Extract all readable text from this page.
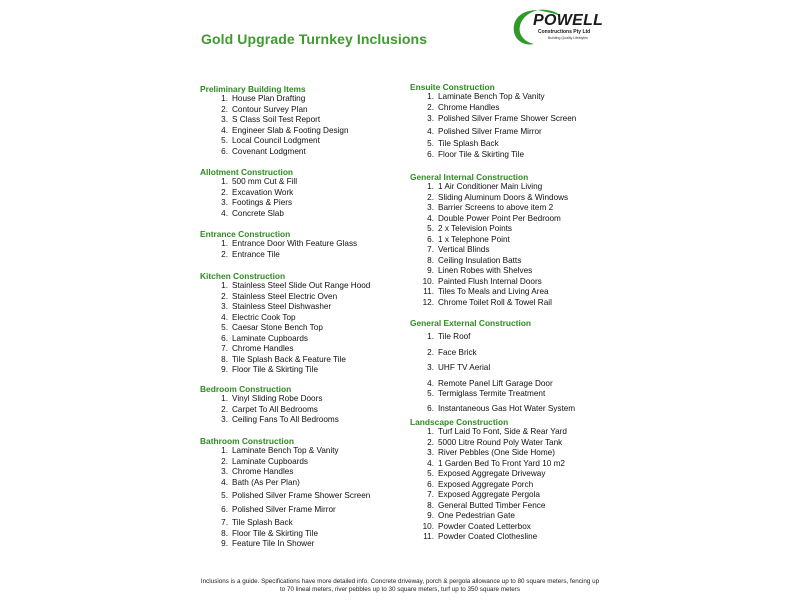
Gold Upgrade Turnkey Inclusions
POWELL
Constructions Pty Ltd
Building Quality Lifestyles
Preliminary Building Items
1. House Plan Drafting
2. Contour Survey Plan
3. S Class Soil Test Report
4. Engineer Slab & Footing Design
5. Local Council Lodgment
6. Covenant Lodgment
Allotment Construction
1. 500 mm Cut & Fill
2. Excavation Work
3. Footings & Piers
4. Concrete Slab
Entrance Construction
1. Entrance Door With Feature Glass
2. Entrance Tile
Kitchen Construction
1. Stainless Steel Slide Out Range Hood
2. Stainless Steel Electric Oven
3. Stainless Steel Dishwasher
4. Electric Cook Top
5. Caesar Stone Bench Top
6. Laminate Cupboards
7. Chrome Handles
8. Tile Splash Back & Feature Tile
9. Floor Tile & Skirting Tile
Bedroom Construction
1. Vinyl Sliding Robe Doors
2. Carpet To All Bedrooms
3. Ceiling Fans To All Bedrooms
Bathroom Construction
1. Laminate Bench Top & Vanity
2. Laminate Cupboards
3. Chrome Handles
4. Bath (As Per Plan)
5. Polished Silver Frame Shower Screen
6. Polished Silver Frame Mirror
7. Tile Splash Back
8. Floor Tile & Skirting Tile
9. Feature Tile In Shower
Ensuite Construction
1. Laminate Bench Top & Vanity
2. Chrome Handles
3. Polished Silver Frame Shower Screen
4. Polished Silver Frame Mirror
5. Tile Splash Back
6. Floor Tile & Skirting Tile
General Internal Construction
1. 1 Air Conditioner Main Living
2. Sliding Aluminum Doors & Windows
3. Barrier Screens to above item 2
4. Double Power Point Per Bedroom
5. 2 x Television Points
6. 1 x Telephone Point
7. Vertical Blinds
8. Ceiling Insulation Batts
9. Linen Robes with Shelves
10. Painted Flush Internal Doors
11. Tiles To Meals and Living Area
12. Chrome Toilet Roll & Towel Rail
General External Construction
1. Tile Roof
2. Face Brick
3. UHF TV Aerial
4. Remote Panel Lift Garage Door
5. Termiglass Termite Treatment
6. Instantaneous Gas Hot Water System
Landscape Construction
1. Turf Laid To Font, Side & Rear Yard
2. 5000 Litre Round Poly Water Tank
3. River Pebbles (One Side Home)
4. 1 Garden Bed To Front Yard 10 m2
5. Exposed Aggregate Driveway
6. Exposed Aggregate Porch
7. Exposed Aggregate Pergola
8. General Butted Timber Fence
9. One Pedestrian Gate
10. Powder Coated Letterbox
11. Powder Coated Clothesline
Inclusions is a guide. Specifications have more detailed info. Concrete driveway, porch & pergola allowance up to 80 square meters, fencing up to 70 lineal meters, river pebbles up to 30 square meters, turf up to 350 square meters
